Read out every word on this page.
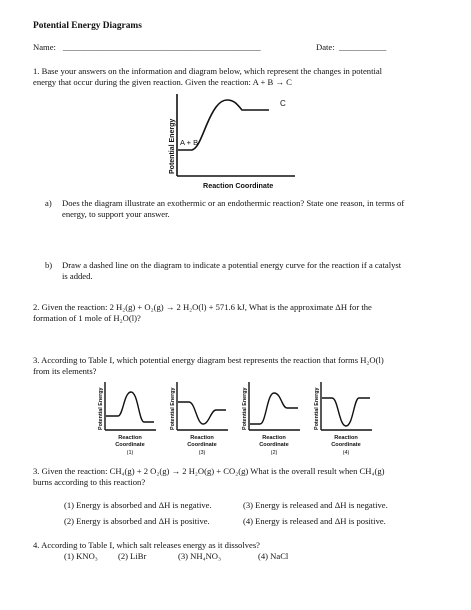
Potential Energy Diagrams
Name: ______________________________________________	Date: ___________
1. Base your answers on the information and diagram below, which represent the changes in potential
energy that occur during the given reaction. Given the reaction: A + B → C
A + B
C
Potential Energy
Reaction Coordinate
a) Does the diagram illustrate an exothermic or an endothermic reaction? State one reason, in terms of
energy, to support your answer.
b) Draw a dashed line on the diagram to indicate a potential energy curve for the reaction if a catalyst
is added.
2. Given the reaction: 2 H₂(g) + O₂(g) → 2 H₂O(l) + 571.6 kJ, What is the approximate ΔH for the
formation of 1 mole of H₂O(l)?
3. According to Table I, which potential energy diagram best represents the reaction that forms H₂O(l)
from its elements?
Potential Energy
Reaction
Coordinate
(1)
Potential Energy
Reaction
Coordinate
(3)
Potential Energy
Reaction
Coordinate
(2)
Potential Energy
Reaction
Coordinate
(4)
3. Given the reaction: CH₄(g) + 2 O₂(g) → 2 H₂O(g) + CO₂(g) What is the overall result when CH₄(g)
burns according to this reaction?
(1) Energy is absorbed and ΔH is negative.	(3) Energy is released and ΔH is negative.
(2) Energy is absorbed and ΔH is positive.	(4) Energy is released and ΔH is positive.
4. According to Table I, which salt releases energy as it dissolves?
(1) KNO₃ (2) LiBr	(3) NH₄NO₃	(4) NaCl
